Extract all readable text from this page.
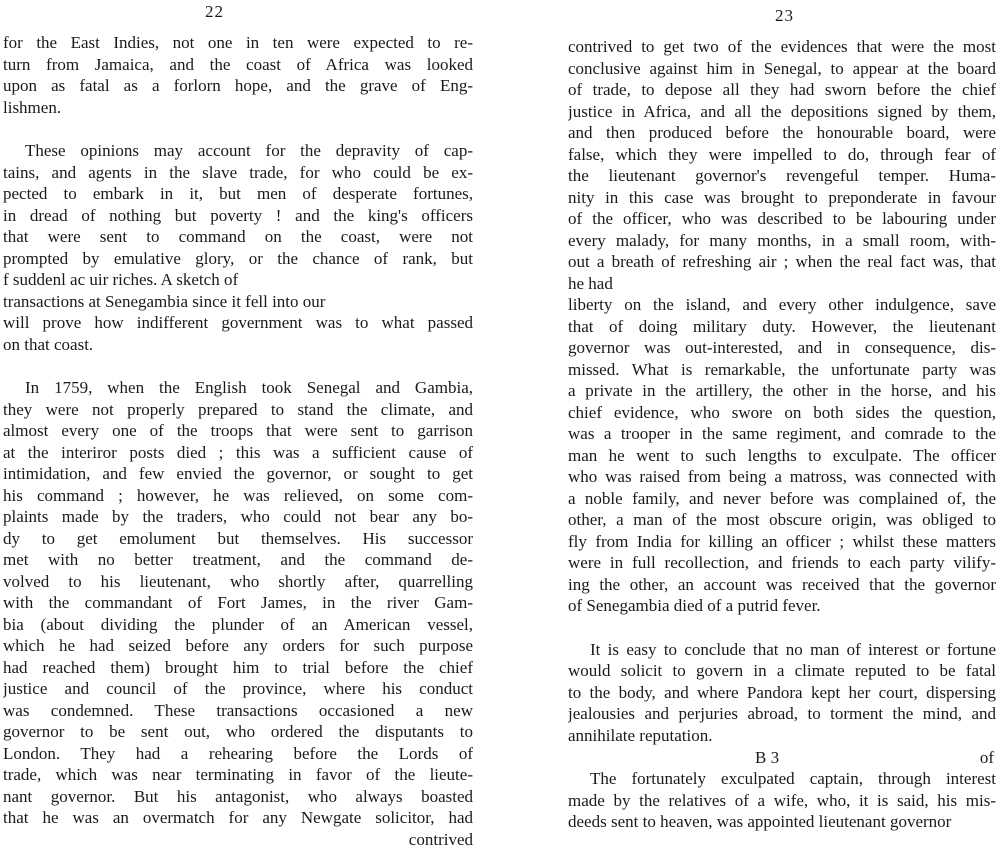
22
for the East Indies, not one in ten were expected to re-
turn from Jamaica, and the coast of Africa was looked
upon as fatal as a forlorn hope, and the grave of Eng-
lishmen.
These opinions may account for the depravity of cap-
tains, and agents in the slave trade, for who could be ex-
pected to embark in it, but men of desperate fortunes,
in dread of nothing but poverty ! and the king's officers
that were sent to command on the coast, were not
prompted by emulative glory, or the chance of rank, but
f suddenl ac uir riches. A sketch of
transactions at Senegambia since it fell into our
will prove how indifferent government was to what passed
on that coast.
In 1759, when the English took Senegal and Gambia,
they were not properly prepared to stand the climate, and
almost every one of the troops that were sent to garrison
at the interiror posts died ; this was a sufficient cause of
intimidation, and few envied the governor, or sought to get
his command ; however, he was relieved, on some com-
plaints made by the traders, who could not bear any bo-
dy to get emolument but themselves. His successor
met with no better treatment, and the command de-
volved to his lieutenant, who shortly after, quarrelling
with the commandant of Fort James, in the river Gam-
bia (about dividing the plunder of an American vessel,
which he had seized before any orders for such purpose
had reached them) brought him to trial before the chief
justice and council of the province, where his conduct
was condemned. These transactions occasioned a new
governor to be sent out, who ordered the disputants to
London. They had a rehearing before the Lords of
trade, which was near terminating in favor of the lieute-
nant governor. But his antagonist, who always boasted
that he was an overmatch for any Newgate solicitor, had
contrived
23
contrived to get two of the evidences that were the most
conclusive against him in Senegal, to appear at the board
of trade, to depose all they had sworn before the chief
justice in Africa, and all the depositions signed by them,
and then produced before the honourable board, were
false, which they were impelled to do, through fear of
the lieutenant governor's revengeful temper. Huma-
nity in this case was brought to preponderate in favour
of the officer, who was described to be labouring under
every malady, for many months, in a small room, with-
out a breath of refreshing air ; when the real fact was, that
he had
liberty on the island, and every other indulgence, save
that of doing military duty. However, the lieutenant
governor was out-interested, and in consequence, dis-
missed. What is remarkable, the unfortunate party was
a private in the artillery, the other in the horse, and his
chief evidence, who swore on both sides the question,
was a trooper in the same regiment, and comrade to the
man he went to such lengths to exculpate. The officer
who was raised from being a matross, was connected with
a noble family, and never before was complained of, the
other, a man of the most obscure origin, was obliged to
fly from India for killing an officer ; whilst these matters
were in full recollection, and friends to each party vilify-
ing the other, an account was received that the governor
of Senegambia died of a putrid fever.
It is easy to conclude that no man of interest or fortune
would solicit to govern in a climate reputed to be fatal
to the body, and where Pandora kept her court, dispersing
jealousies and perjuries abroad, to torment the mind, and
annihilate reputation.
The fortunately exculpated captain, through interest
made by the relatives of a wife, who, it is said, his mis-
deeds sent to heaven, was appointed lieutenant governor
B 3	of
